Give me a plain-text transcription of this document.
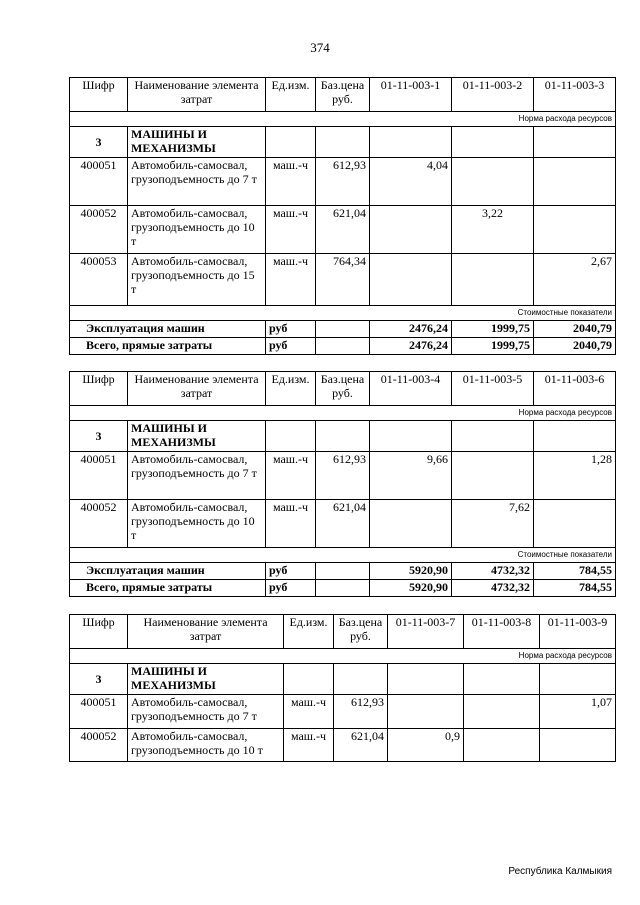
374
Шифр	Наименование элемента затрат	Ед.изм.	Баз.цена руб.	01-11-003-1	01-11-003-2	01-11-003-3
Норма расхода ресурсов						
3	МАШИНЫ И МЕХАНИЗМЫ					
400051	Автомобиль-самосвал, грузоподъемность до 7 т	маш.-ч	612,93	4,04		
400052	Автомобиль-самосвал, грузоподъемность до 10 т	маш.-ч	621,04		3,22	
400053	Автомобиль-самосвал, грузоподъемность до 15 т	маш.-ч	764,34			2,67
Стоимостные показатели						
Эксплуатация машин		руб		2476,24	1999,75	2040,79
Всего, прямые затраты		руб		2476,24	1999,75	2040,79
Шифр	Наименование элемента затрат	Ед.изм.	Баз.цена руб.	01-11-003-4	01-11-003-5	01-11-003-6
Норма расхода ресурсов						
3	МАШИНЫ И МЕХАНИЗМЫ					
400051	Автомобиль-самосвал, грузоподъемность до 7 т	маш.-ч	612,93	9,66		1,28
400052	Автомобиль-самосвал, грузоподъемность до 10 т	маш.-ч	621,04		7,62	
Стоимостные показатели						
Эксплуатация машин		руб		5920,90	4732,32	784,55
Всего, прямые затраты		руб		5920,90	4732,32	784,55
Шифр	Наименование элемента затрат	Ед.изм.	Баз.цена руб.	01-11-003-7	01-11-003-8	01-11-003-9
Норма расхода ресурсов						
3	МАШИНЫ И МЕХАНИЗМЫ					
400051	Автомобиль-самосвал, грузоподъемность до 7 т	маш.-ч	612,93			1,07
400052	Автомобиль-самосвал, грузоподъемность до 10 т	маш.-ч	621,04	0,9		
Республика Калмыкия
